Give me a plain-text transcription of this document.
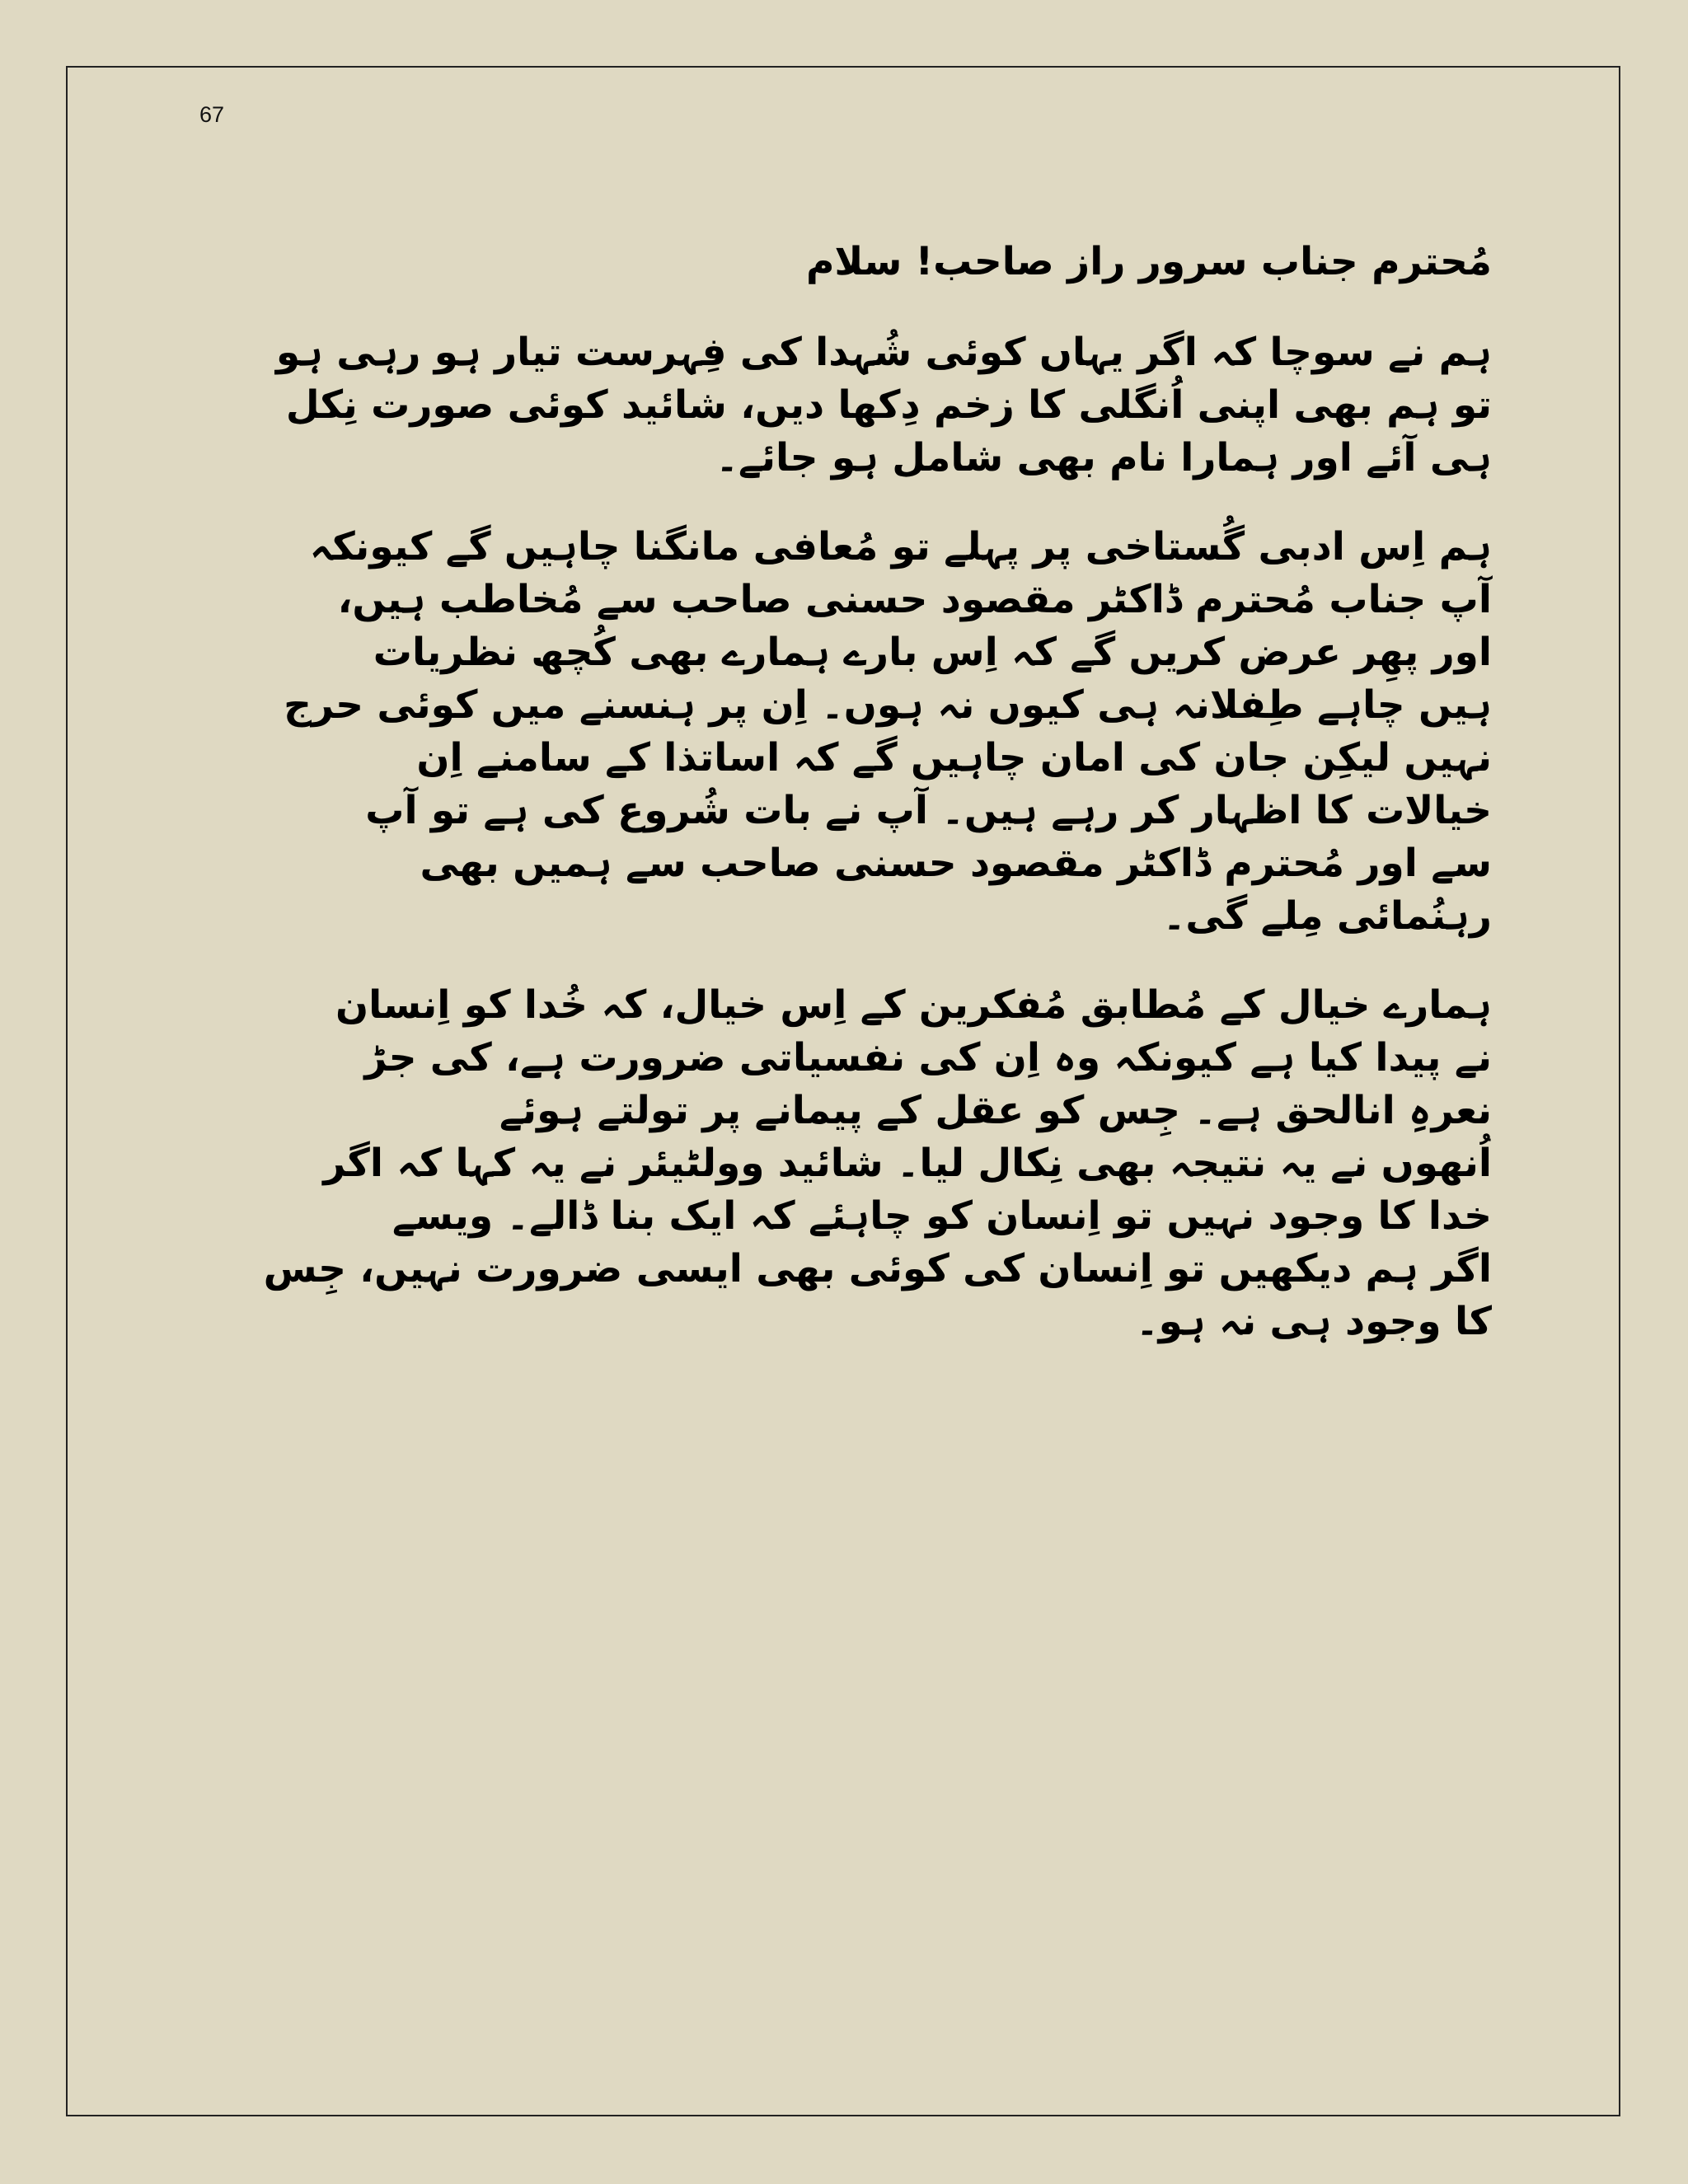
67
مُحترم جناب سرور راز صاحب! سلام
ہم نے سوچا کہ اگر یہاں کوئی شُہدا کی فِہرست تیار ہو رہی ہو
تو ہم بھی اپنی اُنگلی کا زخم دِکھا دیں، شائید کوئی صورت نِکل
ہی آئے اور ہمارا نام بھی شامل ہو جائے۔
ہم اِس ادبی گُستاخی پر پہلے تو مُعافی مانگنا چاہیں گے کیونکہ
آپ جناب مُحترم ڈاکٹر مقصود حسنی صاحب سے مُخاطب ہیں،
اور پھِر عرض کریں گے کہ اِس بارے ہمارے بھی کُچھ نظریات
ہیں چاہے طِفلانہ ہی کیوں نہ ہوں۔ اِن پر ہنسنے میں کوئی حرج
نہیں لیکِن جان کی امان چاہیں گے کہ اساتذا کے سامنے اِن
خیالات کا اظہار کر رہے ہیں۔ آپ نے بات شُروع کی ہے تو آپ
سے اور مُحترم ڈاکٹر مقصود حسنی صاحب سے ہمیں بھی
رہنُمائی مِلے گی۔
ہمارے خیال کے مُطابق مُفکرین کے اِس خیال، کہ خُدا کو اِنسان
نے پیدا کیا ہے کیونکہ وہ اِن کی نفسیاتی ضرورت ہے، کی جڑ
نعرہِ انالحق ہے۔ جِس کو عقل کے پیمانے پر تولتے ہوئے
اُنھوں نے یہ نتیجہ بھی نِکال لیا۔ شائید وولٹیئر نے یہ کہا کہ اگر
خدا کا وجود نہیں تو اِنسان کو چاہئے کہ ایک بنا ڈالے۔ ویسے
اگر ہم دیکھیں تو اِنسان کی کوئی بھی ایسی ضرورت نہیں، جِس
کا وجود ہی نہ ہو۔
